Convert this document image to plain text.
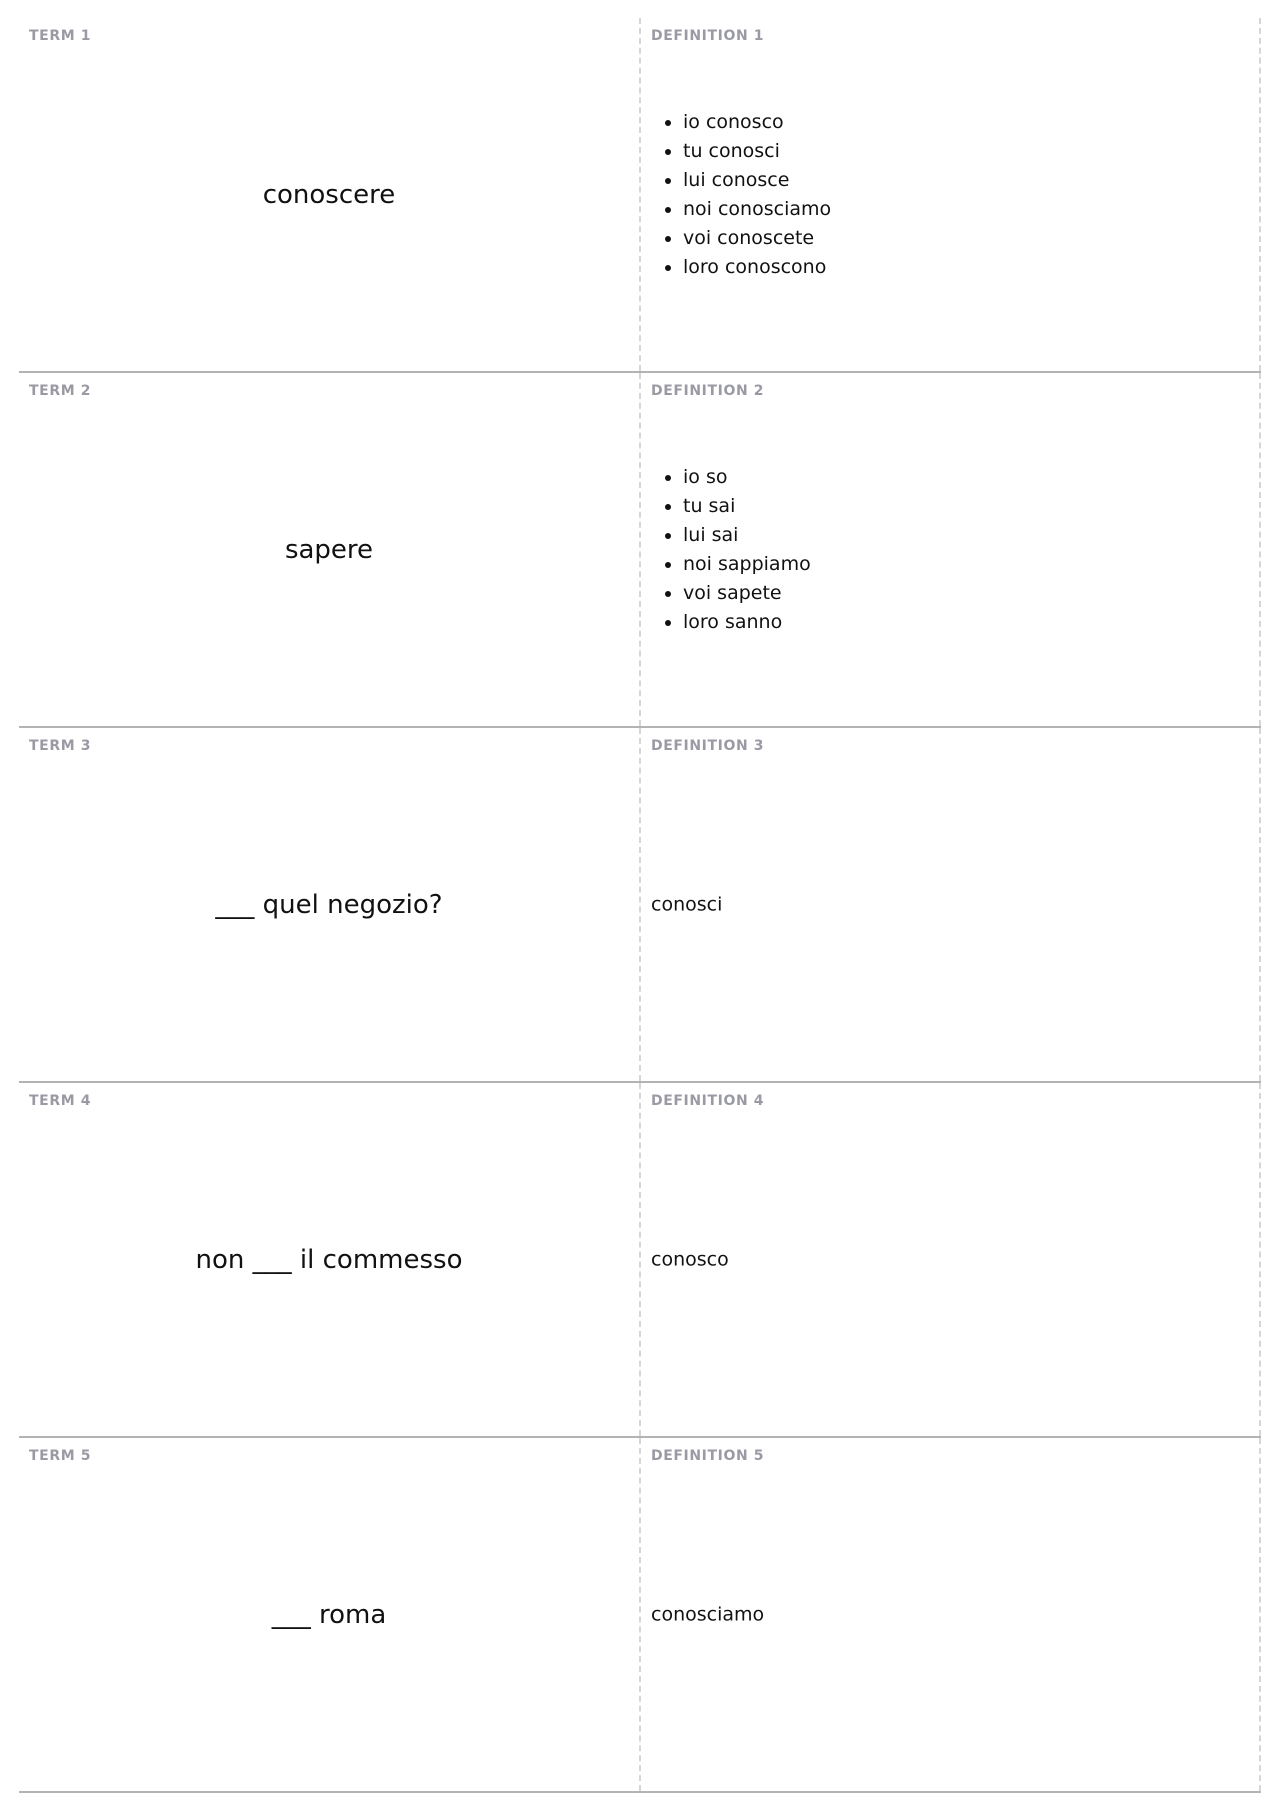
TERM 1
conoscere
DEFINITION 1
• io conosco
• tu conosci
• lui conosce
• noi conosciamo
• voi conoscete
• loro conoscono
TERM 2
sapere
DEFINITION 2
• io so
• tu sai
• lui sai
• noi sappiamo
• voi sapete
• loro sanno
TERM 3
___ quel negozio?
DEFINITION 3
conosci
TERM 4
non ___ il commesso
DEFINITION 4
conosco
TERM 5
___ roma
DEFINITION 5
conosciamo
